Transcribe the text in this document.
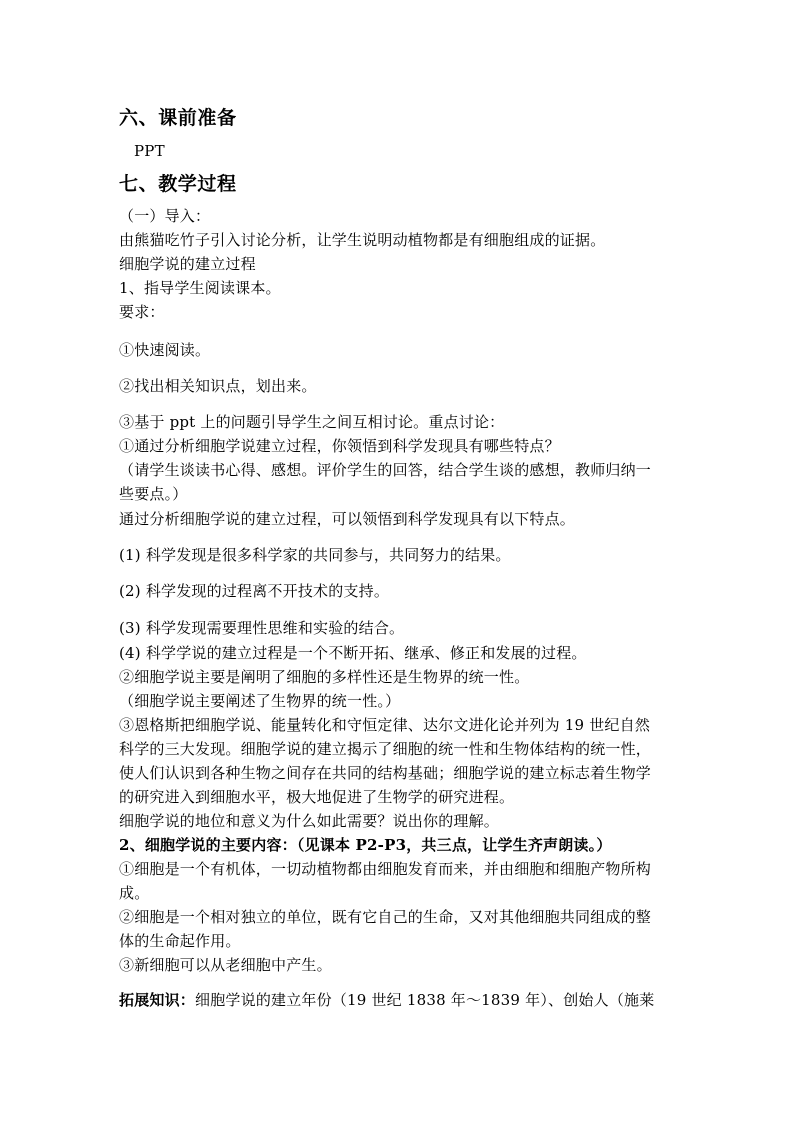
六、课前准备
PPT
七、教学过程
（一）导入：
由熊猫吃竹子引入讨论分析，让学生说明动植物都是有细胞组成的证据。
细胞学说的建立过程
1、指导学生阅读课本。
要求：
①快速阅读。
②找出相关知识点，划出来。
③基于 ppt 上的问题引导学生之间互相讨论。重点讨论：
①通过分析细胞学说建立过程，你领悟到科学发现具有哪些特点？
（请学生谈读书心得、感想。评价学生的回答，结合学生谈的感想，教师归纳一
些要点。）
通过分析细胞学说的建立过程，可以领悟到科学发现具有以下特点。
(1) 科学发现是很多科学家的共同参与，共同努力的结果。
(2) 科学发现的过程离不开技术的支持。
(3) 科学发现需要理性思维和实验的结合。
(4) 科学学说的建立过程是一个不断开拓、继承、修正和发展的过程。
②细胞学说主要是阐明了细胞的多样性还是生物界的统一性。
（细胞学说主要阐述了生物界的统一性。）
③恩格斯把细胞学说、能量转化和守恒定律、达尔文进化论并列为 19 世纪自然
科学的三大发现。细胞学说的建立揭示了细胞的统一性和生物体结构的统一性，
使人们认识到各种生物之间存在共同的结构基础；细胞学说的建立标志着生物学
的研究进入到细胞水平，极大地促进了生物学的研究进程。
细胞学说的地位和意义为什么如此需要？说出你的理解。
2、细胞学说的主要内容：（见课本 P2-P3，共三点，让学生齐声朗读。）
①细胞是一个有机体，一切动植物都由细胞发育而来，并由细胞和细胞产物所构
成。
②细胞是一个相对独立的单位，既有它自己的生命，又对其他细胞共同组成的整
体的生命起作用。
③新细胞可以从老细胞中产生。
拓展知识：细胞学说的建立年份（19 世纪 1838 年～1839 年）、创始人（施莱
